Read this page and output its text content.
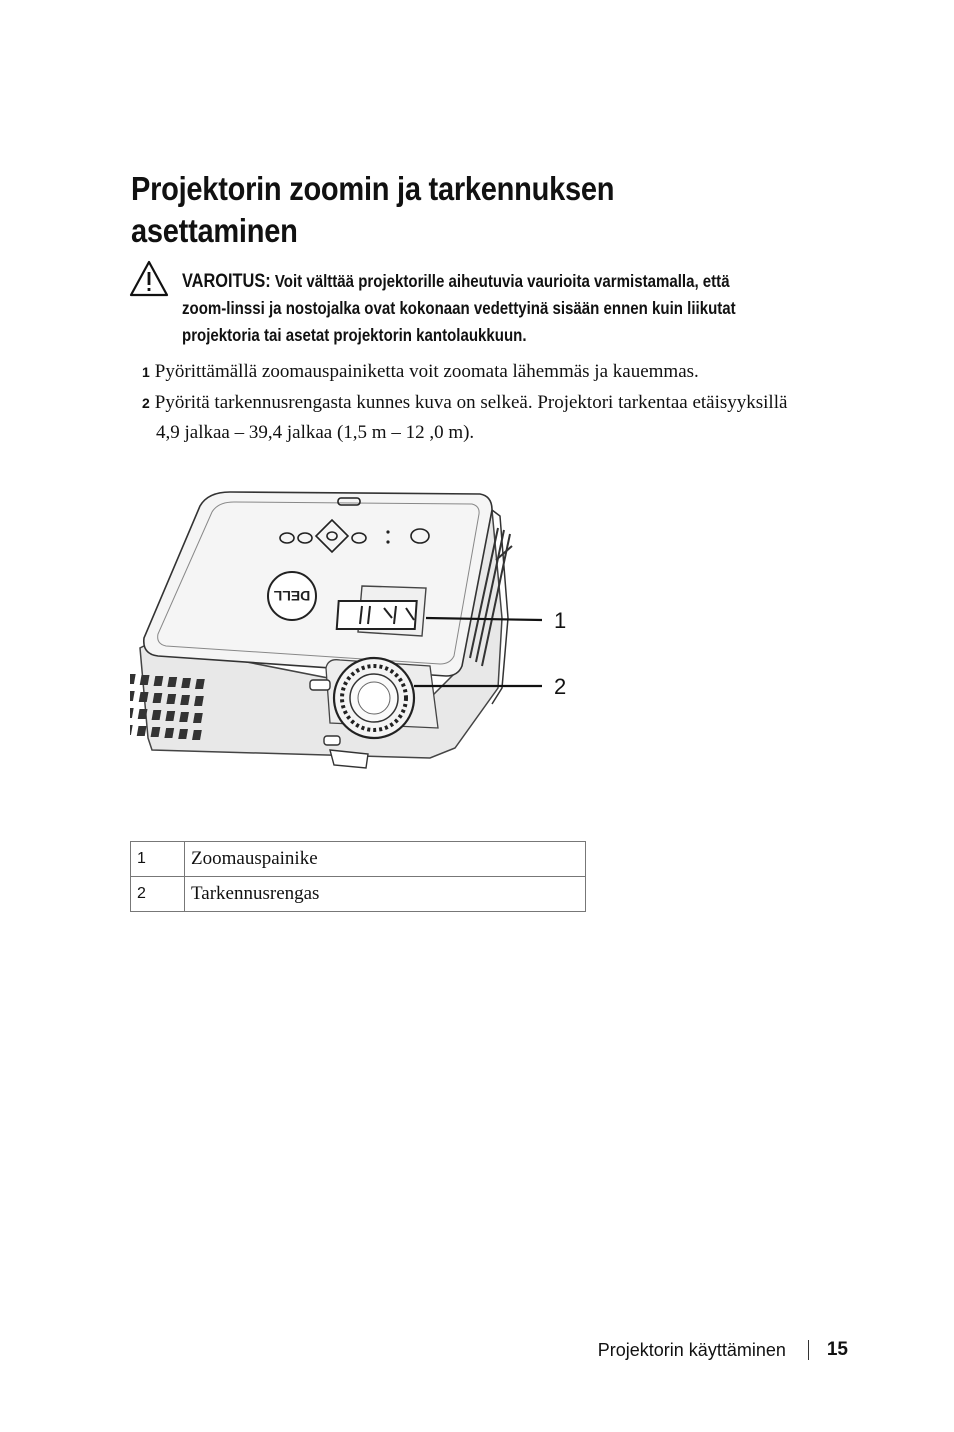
Projektorin zoomin ja tarkennuksen
asettaminen
VAROITUS: Voit välttää projektorille aiheutuvia vaurioita varmistamalla, että
zoom-linssi ja nostojalka ovat kokonaan vedettyinä sisään ennen kuin liikutat
projektoria tai asetat projektorin kantolaukkuun.
1 Pyörittämällä zoomauspainiketta voit zoomata lähemmäs ja kauemmas.
2 Pyöritä tarkennusrengasta kunnes kuva on selkeä. Projektori tarkentaa etäisyyksillä
4,9 jalkaa – 39,4 jalkaa (1,5 m – 12 ,0 m).
DELL
1
2
1	Zoomauspainike
2	Tarkennusrengas
Projektorin käyttäminen 15
